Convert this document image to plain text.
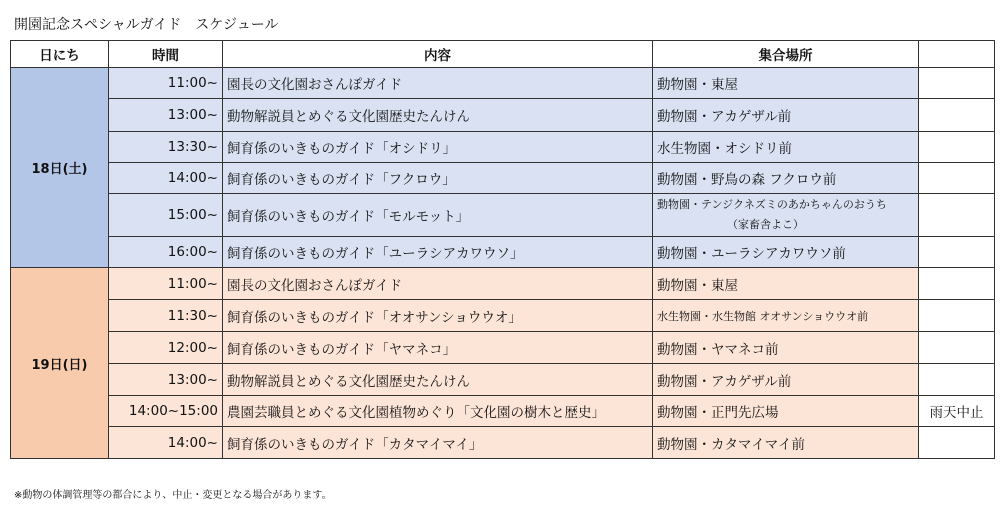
開園記念スペシャルガイド　スケジュール
日にち	時間	内容	集合場所	
18日(土)	11:00~	園長の文化園おさんぽガイド	動物園・東屋	
	13:00~	動物解説員とめぐる文化園歴史たんけん	動物園・アカゲザル前	
	13:30~	飼育係のいきものガイド「オシドリ」	水生物園・オシドリ前	
	14:00~	飼育係のいきものガイド「フクロウ」	動物園・野鳥の森 フクロウ前	
	15:00~	飼育係のいきものガイド「モルモット」	動物園・テンジクネズミのあかちゃんのおうち
（家畜舎よこ）	

	16:00~	飼育係のいきものガイド「ユーラシアカワウソ」	動物園・ユーラシアカワウソ前	
19日(日)	11:00~	園長の文化園おさんぽガイド	動物園・東屋	
	11:30~	飼育係のいきものガイド「オオサンショウウオ」	水生物園・水生物館 オオサンショウウオ前	
	12:00~	飼育係のいきものガイド「ヤマネコ」	動物園・ヤマネコ前	
	13:00~	動物解説員とめぐる文化園歴史たんけん	動物園・アカゲザル前	
	14:00~15:00	農園芸職員とめぐる文化園植物めぐり「文化園の樹木と歴史」	動物園・正門先広場	雨天中止
	14:00~	飼育係のいきものガイド「カタマイマイ」	動物園・カタマイマイ前	
※動物の体調管理等の都合により、中止・変更となる場合があります。
